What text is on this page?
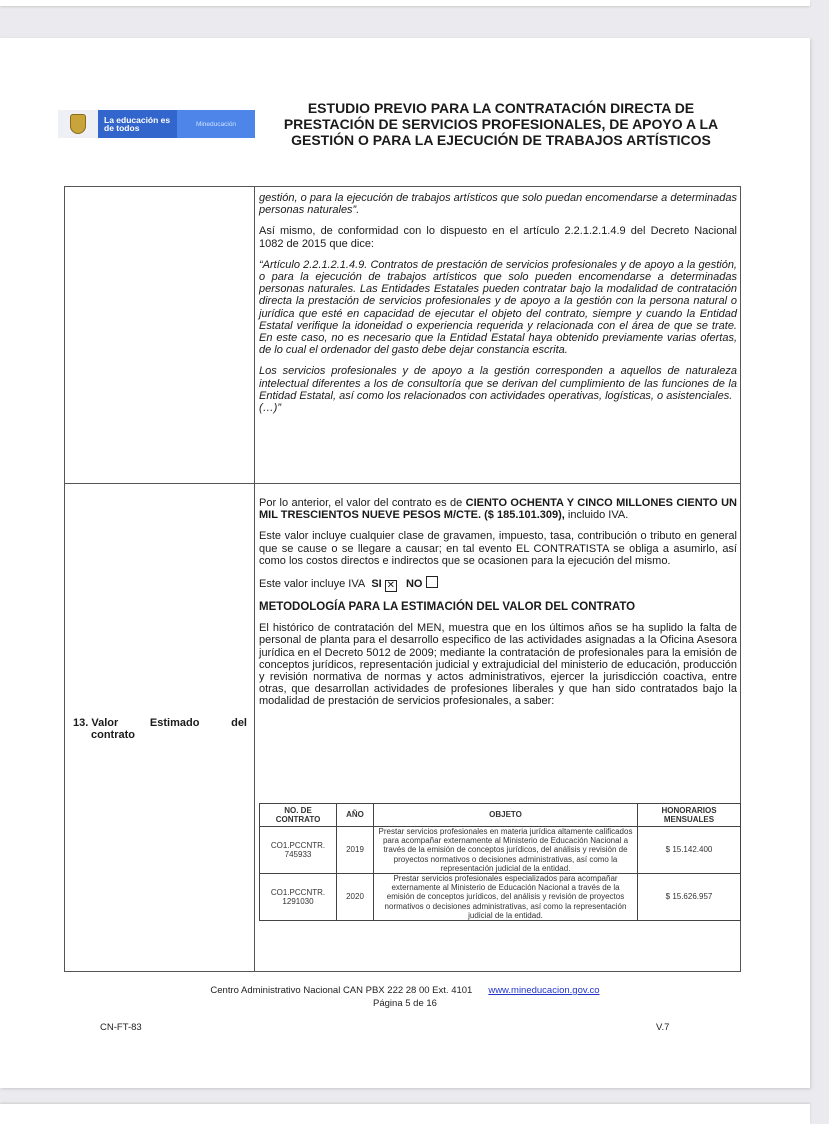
La educación es de todos	Mineducación
ESTUDIO PREVIO PARA LA CONTRATACIÓN DIRECTA DE PRESTACIÓN DE SERVICIOS PROFESIONALES, DE APOYO A LA GESTIÓN O PARA LA EJECUCIÓN DE TRABAJOS ARTÍSTICOS

gestión, o para la ejecución de trabajos artísticos que solo puedan encomendarse a determinadas personas naturales”.

Así mismo, de conformidad con lo dispuesto en el artículo 2.2.1.2.1.4.9 del Decreto Nacional 1082 de 2015 que dice:

“Artículo 2.2.1.2.1.4.9. Contratos de prestación de servicios profesionales y de apoyo a la gestión, o para la ejecución de trabajos artísticos que solo pueden encomendarse a determinadas personas naturales. Las Entidades Estatales pueden contratar bajo la modalidad de contratación directa la prestación de servicios profesionales y de apoyo a la gestión con la persona natural o jurídica que esté en capacidad de ejecutar el objeto del contrato, siempre y cuando la Entidad Estatal verifique la idoneidad o experiencia requerida y relacionada con el área de que se trate. En este caso, no es necesario que la Entidad Estatal haya obtenido previamente varias ofertas, de lo cual el ordenador del gasto debe dejar constancia escrita.

Los servicios profesionales y de apoyo a la gestión corresponden a aquellos de naturaleza intelectual diferentes a los de consultoría que se derivan del cumplimiento de las funciones de la Entidad Estatal, así como los relacionados con actividades operativas, logísticas, o asistenciales.

(…)”

13. Valor	Estimado	del
contrato

Por lo anterior, el valor del contrato es de CIENTO OCHENTA Y CINCO MILLONES CIENTO UN MIL TRESCIENTOS NUEVE PESOS M/CTE. ($ 185.101.309), incluido IVA.

Este valor incluye cualquier clase de gravamen, impuesto, tasa, contribución o tributo en general que se cause o se llegare a causar; en tal evento EL CONTRATISTA se obliga a asumirlo, así como los costos directos e indirectos que se ocasionen para la ejecución del mismo.

Este valor incluye IVA SI ✕ NO

METODOLOGÍA PARA LA ESTIMACIÓN DEL VALOR DEL CONTRATO

El histórico de contratación del MEN, muestra que en los últimos años se ha suplido la falta de personal de planta para el desarrollo especifico de las actividades asignadas a la Oficina Asesora jurídica en el Decreto 5012 de 2009; mediante la contratación de profesionales para la emisión de conceptos jurídicos, representación judicial y extrajudicial del ministerio de educación, producción y revisión normativa de normas y actos administrativos, ejercer la jurisdicción coactiva, entre otras, que desarrollan actividades de profesiones liberales y que han sido contratados bajo la modalidad de prestación de servicios profesionales, a saber:

NO. DE CONTRATO	AÑO	OBJETO	HONORARIOS MENSUALES
CO1.PCCNTR. 745933	2019	Prestar servicios profesionales en materia jurídica altamente calificados para acompañar externamente al Ministerio de Educación Nacional a través de la emisión de conceptos jurídicos, del análisis y revisión de proyectos normativos o decisiones administrativas, así como la representación judicial de la entidad.	$ 15.142.400
CO1.PCCNTR. 1291030	2020	Prestar servicios profesionales especializados para acompañar externamente al Ministerio de Educación Nacional a través de la emisión de conceptos jurídicos, del análisis y revisión de proyectos normativos o decisiones administrativas, así como la representación judicial de la entidad.	$ 15.626.957
Centro Administrativo Nacional CAN PBX 222 28 00 Ext. 4101 www.mineducacion.gov.co
Página 5 de 16
CN-FT-83	V.7
